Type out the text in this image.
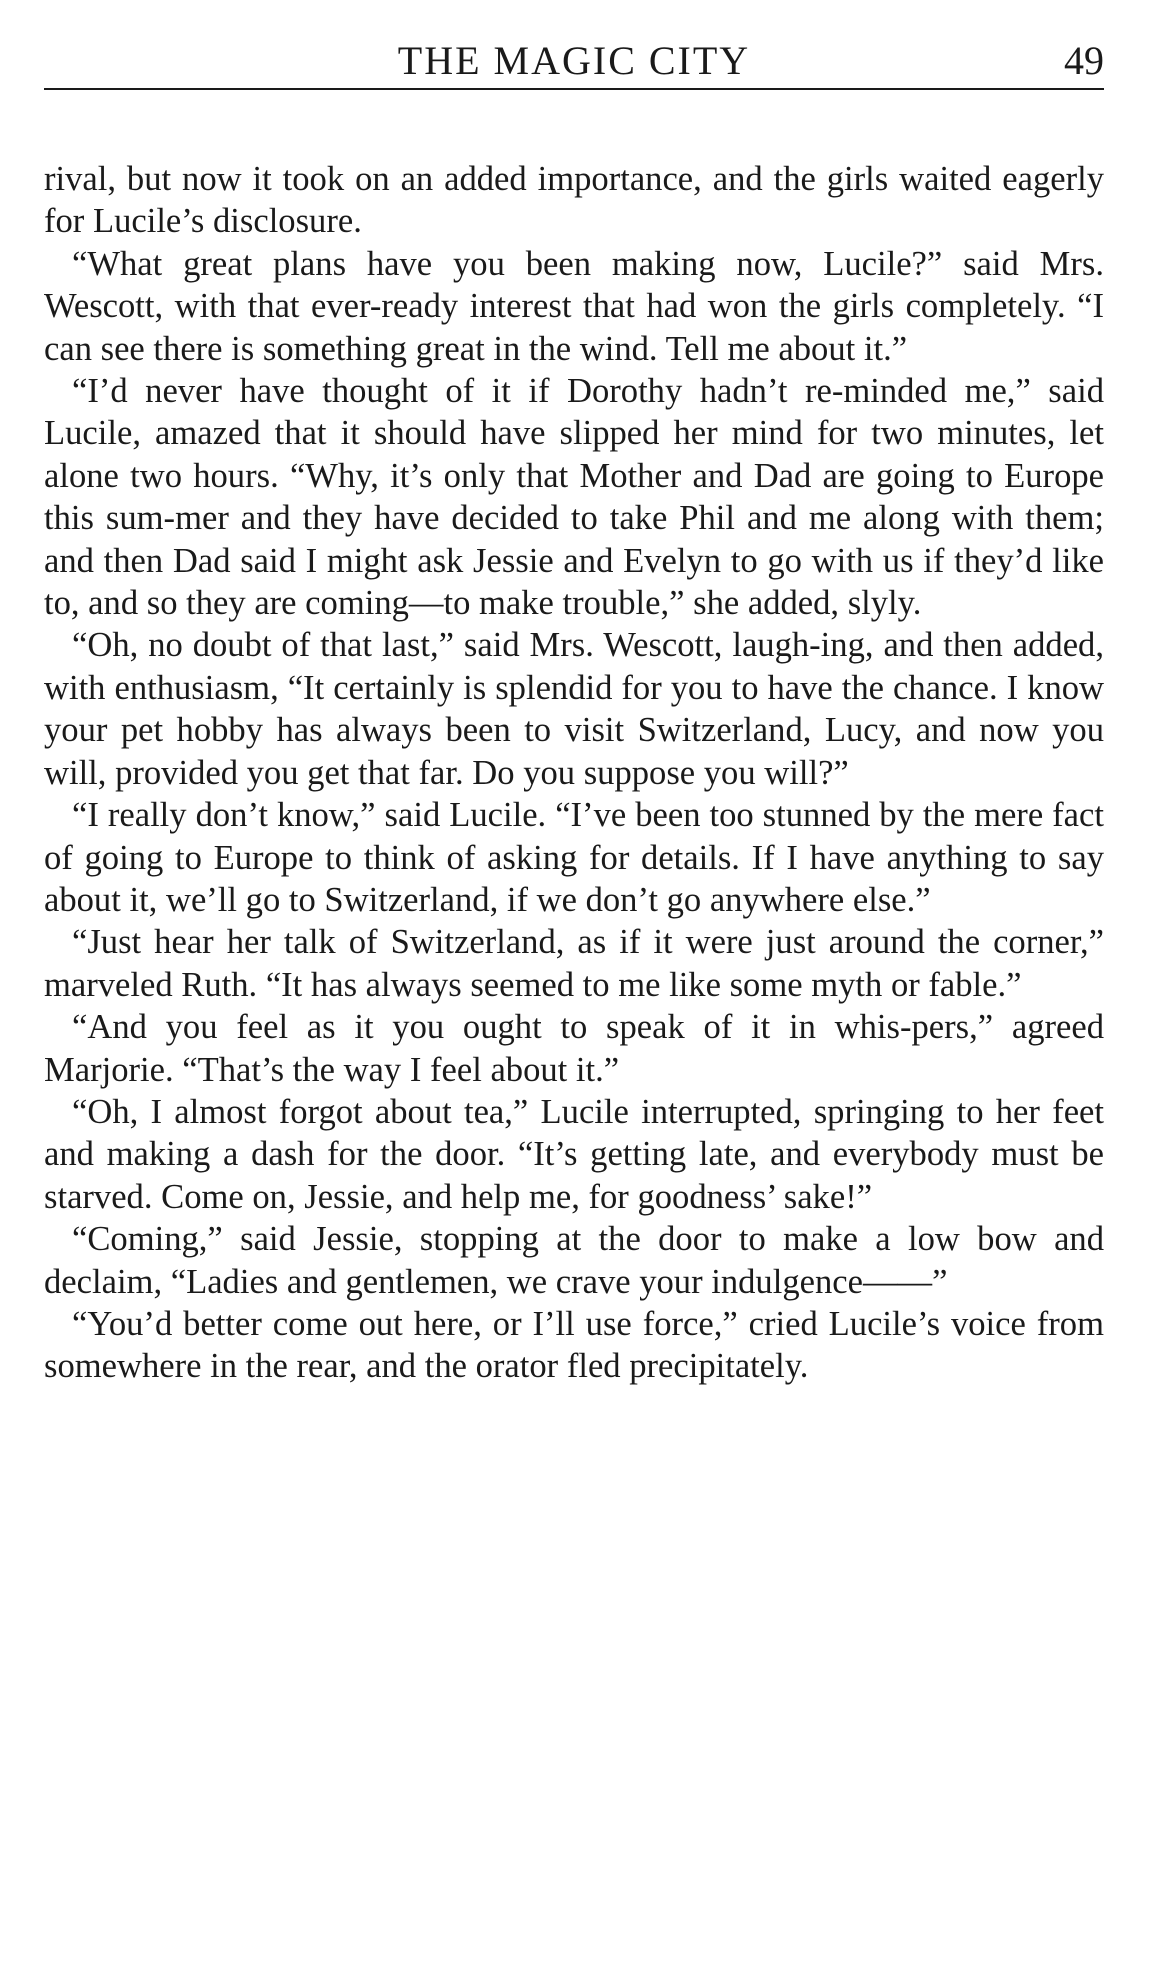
THE MAGIC CITY	49

rival, but now it took on an added importance, and the girls waited eagerly for Lucile’s disclosure.

“What great plans have you been making now, Lucile?” said Mrs. Wescott, with that ever-ready interest that had won the girls completely. “I can see there is something great in the wind. Tell me about it.”

“I’d never have thought of it if Dorothy hadn’t re-minded me,” said Lucile, amazed that it should have slipped her mind for two minutes, let alone two hours. “Why, it’s only that Mother and Dad are going to Europe this sum-mer and they have decided to take Phil and me along with them; and then Dad said I might ask Jessie and Evelyn to go with us if they’d like to, and so they are coming—to make trouble,” she added, slyly.

“Oh, no doubt of that last,” said Mrs. Wescott, laugh-ing, and then added, with enthusiasm, “It certainly is splendid for you to have the chance. I know your pet hobby has always been to visit Switzerland, Lucy, and now you will, provided you get that far. Do you suppose you will?”

“I really don’t know,” said Lucile. “I’ve been too stunned by the mere fact of going to Europe to think of asking for details. If I have anything to say about it, we’ll go to Switzerland, if we don’t go anywhere else.”

“Just hear her talk of Switzerland, as if it were just around the corner,” marveled Ruth. “It has always seemed to me like some myth or fable.”

“And you feel as it you ought to speak of it in whis-pers,” agreed Marjorie. “That’s the way I feel about it.”

“Oh, I almost forgot about tea,” Lucile interrupted, springing to her feet and making a dash for the door. “It’s getting late, and everybody must be starved. Come on, Jessie, and help me, for goodness’ sake!”

“Coming,” said Jessie, stopping at the door to make a low bow and declaim, “Ladies and gentlemen, we crave your indulgence——”

“You’d better come out here, or I’ll use force,” cried Lucile’s voice from somewhere in the rear, and the orator fled precipitately.
